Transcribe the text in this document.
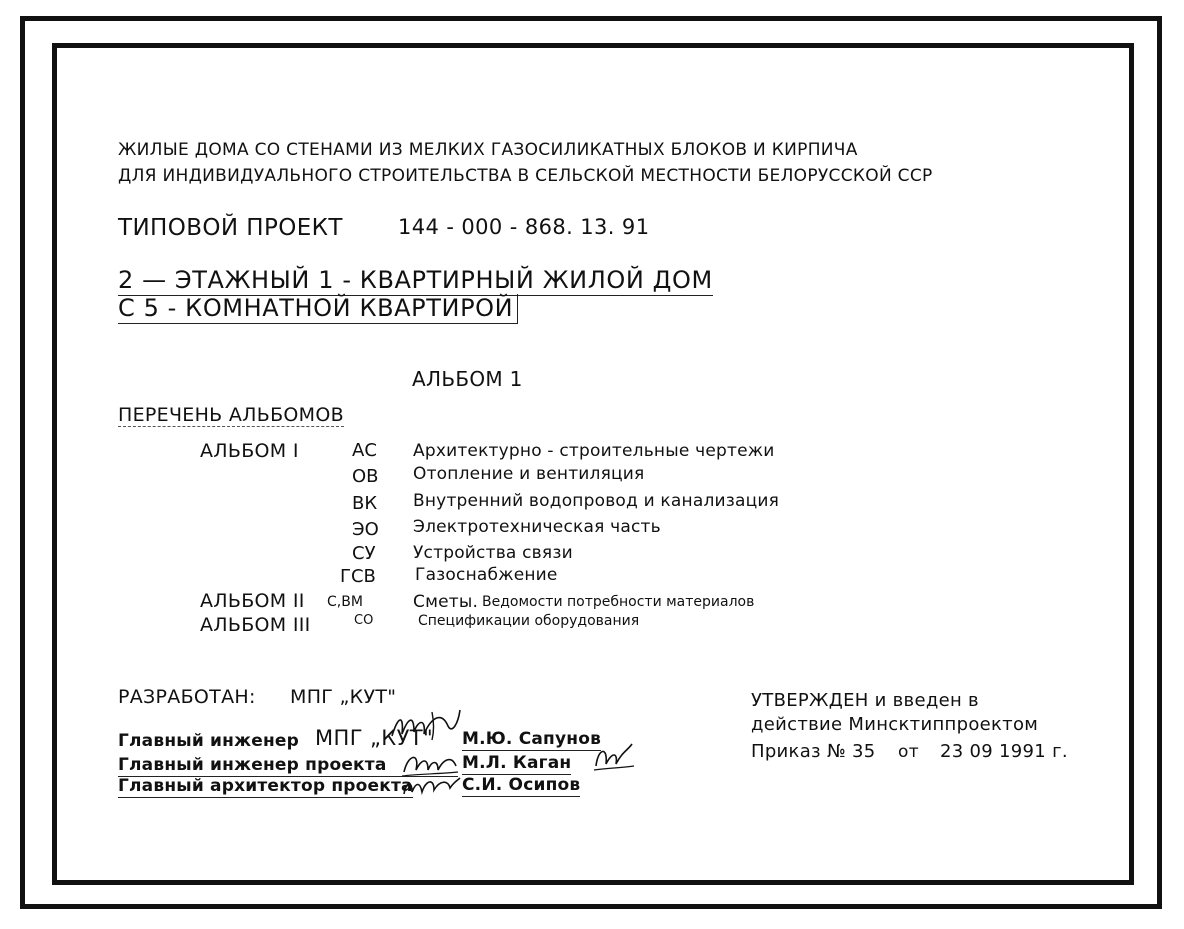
ЖИЛЫЕ ДОМА СО СТЕНАМИ ИЗ МЕЛКИХ ГАЗОСИЛИКАТНЫХ БЛОКОВ И КИРПИЧА
ДЛЯ ИНДИВИДУАЛЬНОГО СТРОИТЕЛЬСТВА В СЕЛЬСКОЙ МЕСТНОСТИ БЕЛОРУССКОЙ ССР
ТИПОВОЙ ПРОЕКТ	144 - 000 - 868. 13. 91
2 — ЭТАЖНЫЙ 1 - КВАРТИРНЫЙ ЖИЛОЙ ДОМ
С 5 - КОМНАТНОЙ КВАРТИРОЙ
АЛЬБОМ 1
ПЕРЕЧЕНЬ АЛЬБОМОВ
АЛЬБОМ I	АС Архитектурно - строительные чертежи
ОВ Отопление и вентиляция
ВК Внутренний водопровод и канализация
ЭО Электротехническая часть
СУ Устройства связи
ГСВ Газоснабжение
АЛЬБОМ II С,ВМ	Сметы. Ведомости потребности материалов
АЛЬБОМ III	СО	Спецификации оборудования
РАЗРАБОТАН: МПГ „КУТ"
Главный инженер МПГ „КУТ" М.Ю. Сапунов
Главный инженер проекта	М.Л. Каган
Главный архитектор проекта	С.И. Осипов
УТВЕРЖДЕН и введен в
действие Минсктиппроектом
Приказ № 35 от 23 09 1991 г.
